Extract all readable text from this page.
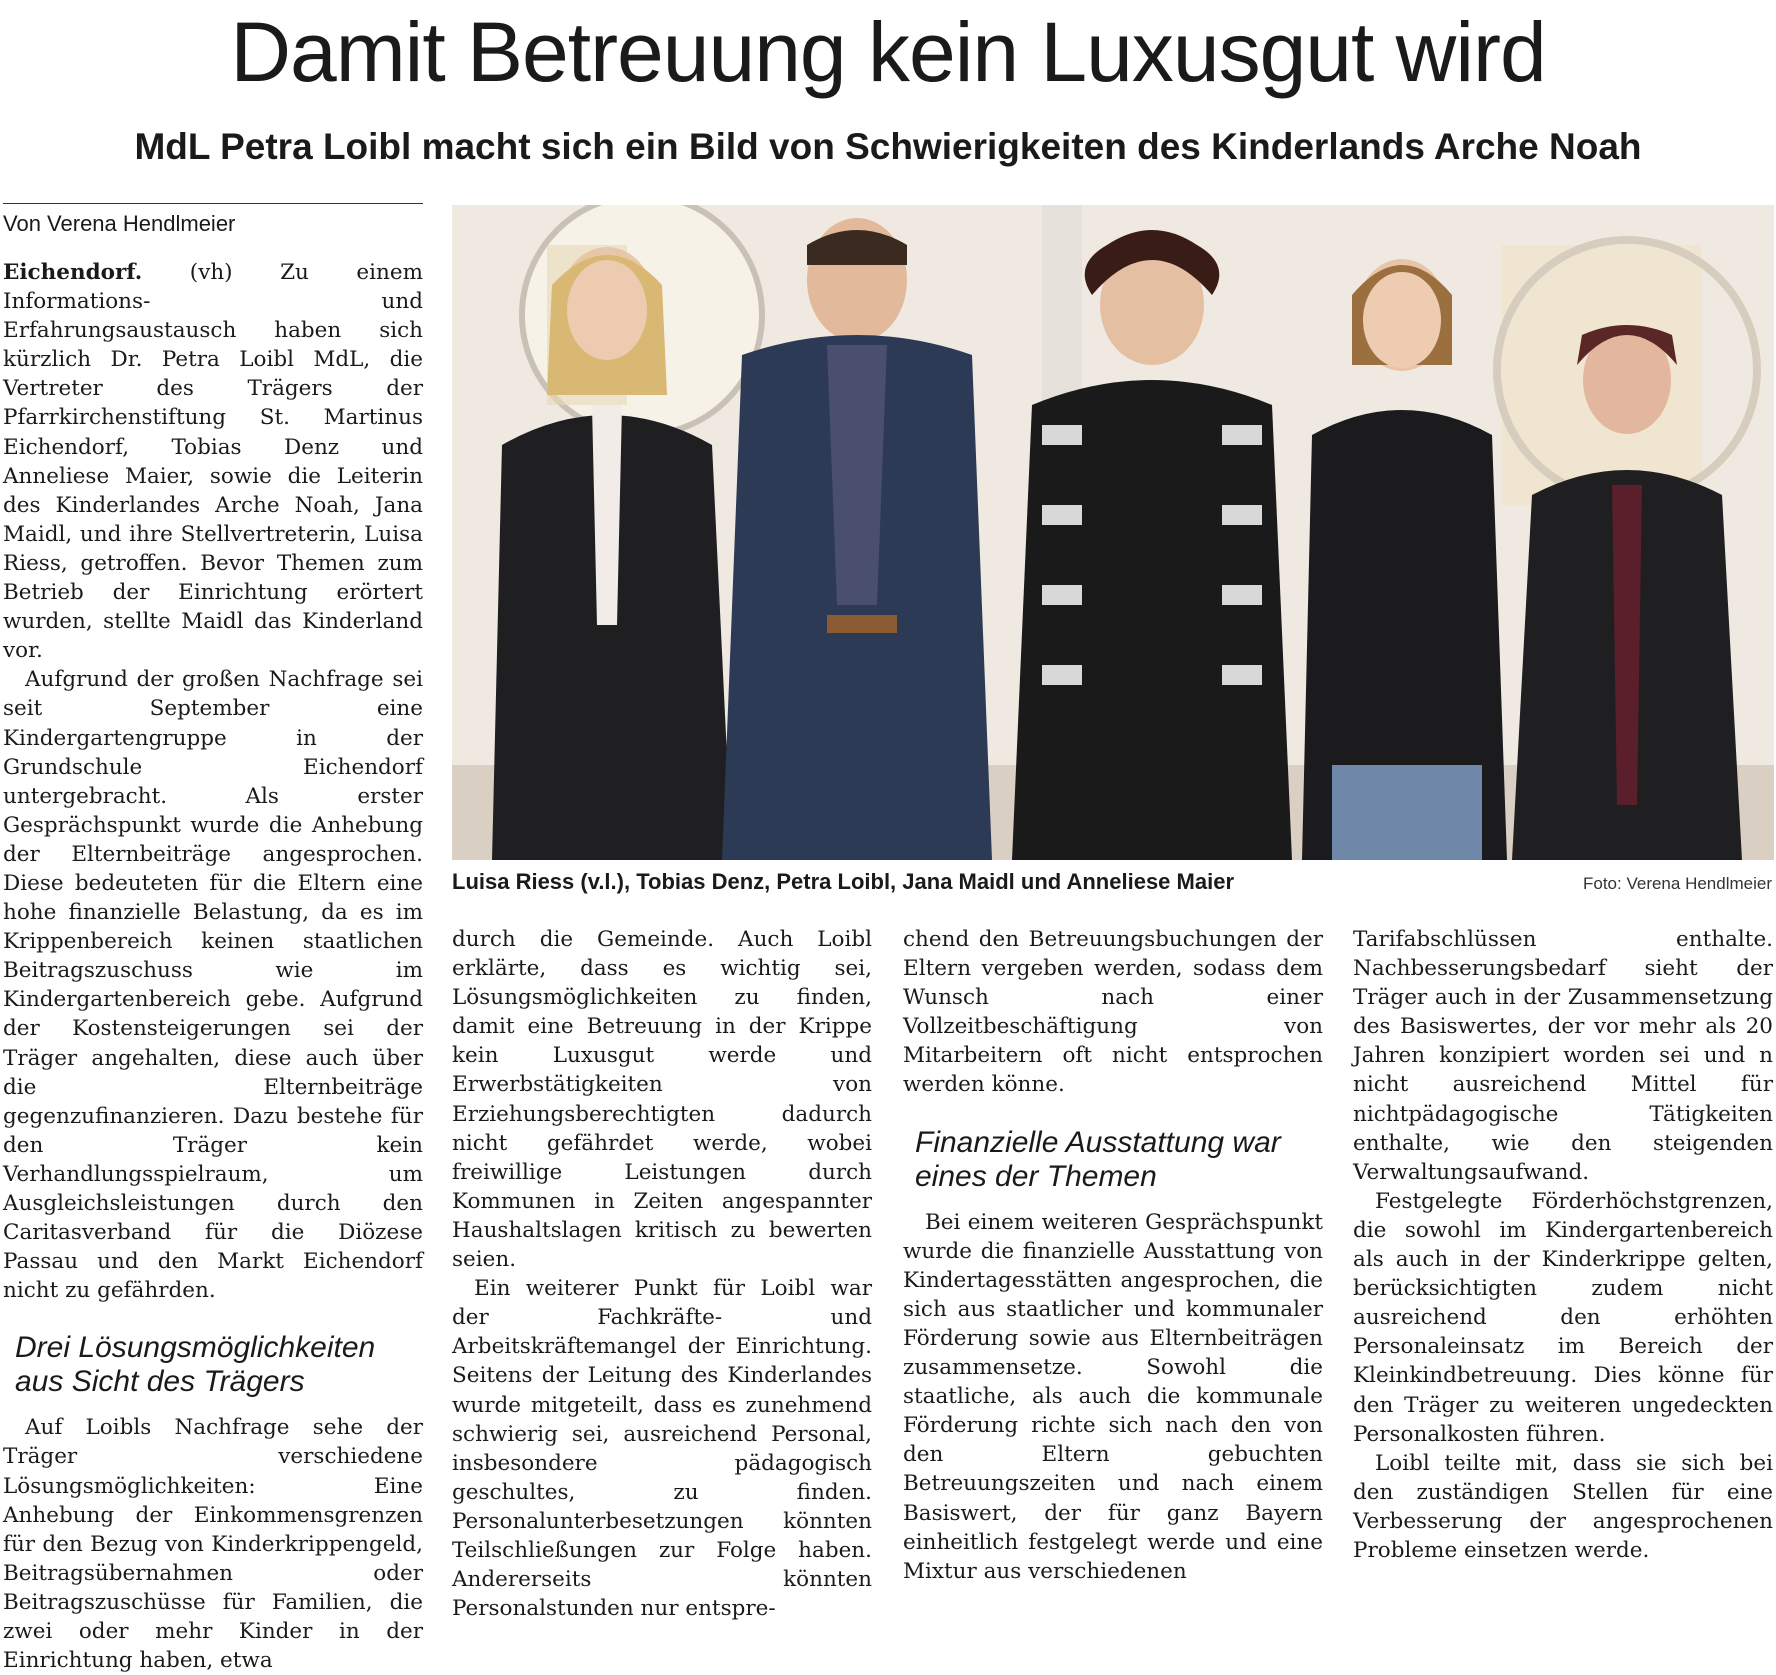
Damit Betreuung kein Luxusgut wird
MdL Petra Loibl macht sich ein Bild von Schwierigkeiten des Kinderlands Arche Noah
Von Verena Hendlmeier

Eichendorf. (vh) Zu einem Informations- und Erfahrungsaustausch haben sich kürzlich Dr. Petra Loibl MdL, die Vertreter des Trägers der Pfarrkirchenstiftung St. Martinus Eichendorf, Tobias Denz und Anneliese Maier, sowie die Leiterin des Kinderlandes Arche Noah, Jana Maidl, und ihre Stellvertreterin, Luisa Riess, getroffen. Bevor Themen zum Betrieb der Einrichtung erörtert wurden, stellte Maidl das Kinderland vor.

Aufgrund der großen Nachfrage sei seit September eine Kindergartengruppe in der Grundschule Eichendorf untergebracht. Als erster Gesprächspunkt wurde die Anhebung der Elternbeiträge angesprochen. Diese bedeuteten für die Eltern eine hohe finanzielle Belastung, da es im Krippenbereich keinen staatlichen Beitragszuschuss wie im Kindergartenbereich gebe. Aufgrund der Kostensteigerungen sei der Träger angehalten, diese auch über die Elternbeiträge gegenzufinanzieren. Dazu bestehe für den Träger kein Verhandlungsspielraum, um Ausgleichsleistungen durch den Caritasverband für die Diözese Passau und den Markt Eichendorf nicht zu gefährden.

Drei Lösungsmöglichkeiten aus Sicht des Trägers

Auf Loibls Nachfrage sehe der Träger verschiedene Lösungsmöglichkeiten: Eine Anhebung der Einkommensgrenzen für den Bezug von Kinderkrippengeld, Beitragsübernahmen oder Beitragszuschüsse für Familien, die zwei oder mehr Kinder in der Einrichtung haben, etwa

Luisa Riess (v.l.), Tobias Denz, Petra Loibl, Jana Maidl und Anneliese Maier	Foto: Verena Hendlmeier

durch die Gemeinde. Auch Loibl erklärte, dass es wichtig sei, Lösungsmöglichkeiten zu finden, damit eine Betreuung in der Krippe kein Luxusgut werde und Erwerbstätigkeiten von Erziehungsberechtigten dadurch nicht gefährdet werde, wobei freiwillige Leistungen durch Kommunen in Zeiten angespannter Haushaltslagen kritisch zu bewerten seien.

Ein weiterer Punkt für Loibl war der Fachkräfte- und Arbeitskräftemangel der Einrichtung. Seitens der Leitung des Kinderlandes wurde mitgeteilt, dass es zunehmend schwierig sei, ausreichend Personal, insbesondere pädagogisch geschultes, zu finden. Personalunterbesetzungen könnten Teilschließungen zur Folge haben. Andererseits könnten Personalstunden nur entspre-

chend den Betreuungsbuchungen der Eltern vergeben werden, sodass dem Wunsch nach einer Vollzeitbeschäftigung von Mitarbeitern oft nicht entsprochen werden könne.

Finanzielle Ausstattung war eines der Themen

Bei einem weiteren Gesprächspunkt wurde die finanzielle Ausstattung von Kindertagesstätten angesprochen, die sich aus staatlicher und kommunaler Förderung sowie aus Elternbeiträgen zusammensetze. Sowohl die staatliche, als auch die kommunale Förderung richte sich nach den von den Eltern gebuchten Betreuungszeiten und nach einem Basiswert, der für ganz Bayern einheitlich festgelegt werde und eine Mixtur aus verschiedenen

Tarifabschlüssen enthalte. Nachbesserungsbedarf sieht der Träger auch in der Zusammensetzung des Basiswertes, der vor mehr als 20 Jahren konzipiert worden sei und n nicht ausreichend Mittel für nichtpädagogische Tätigkeiten enthalte, wie den steigenden Verwaltungsaufwand.

Festgelegte Förderhöchstgrenzen, die sowohl im Kindergartenbereich als auch in der Kinderkrippe gelten, berücksichtigten zudem nicht ausreichend den erhöhten Personaleinsatz im Bereich der Kleinkindbetreuung. Dies könne für den Träger zu weiteren ungedeckten Personalkosten führen.

Loibl teilte mit, dass sie sich bei den zuständigen Stellen für eine Verbesserung der angesprochenen Probleme einsetzen werde.
